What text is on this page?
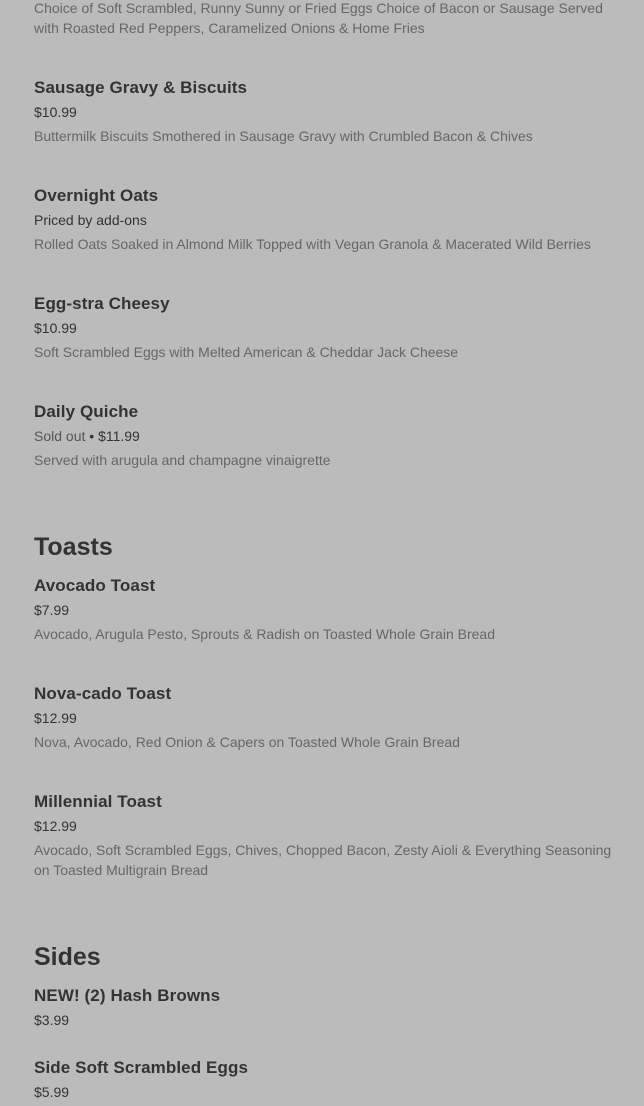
Choice of Soft Scrambled, Runny Sunny or Fried Eggs Choice of Bacon or Sausage Served with Roasted Red Peppers, Caramelized Onions & Home Fries

Sausage Gravy & Biscuits
$10.99

Buttermilk Biscuits Smothered in Sausage Gravy with Crumbled Bacon & Chives

Overnight Oats
Priced by add-ons

Rolled Oats Soaked in Almond Milk Topped with Vegan Granola & Macerated Wild Berries

Egg-stra Cheesy
$10.99

Soft Scrambled Eggs with Melted American & Cheddar Jack Cheese

Daily Quiche
Sold out • $11.99

Served with arugula and champagne vinaigrette

Toasts
Avocado Toast
$7.99

Avocado, Arugula Pesto, Sprouts & Radish on Toasted Whole Grain Bread

Nova-cado Toast
$12.99

Nova, Avocado, Red Onion & Capers on Toasted Whole Grain Bread

Millennial Toast
$12.99

Avocado, Soft Scrambled Eggs, Chives, Chopped Bacon, Zesty Aioli & Everything Seasoning on Toasted Multigrain Bread

Sides
NEW! (2) Hash Browns
$3.99
Side Soft Scrambled Eggs
$5.99
